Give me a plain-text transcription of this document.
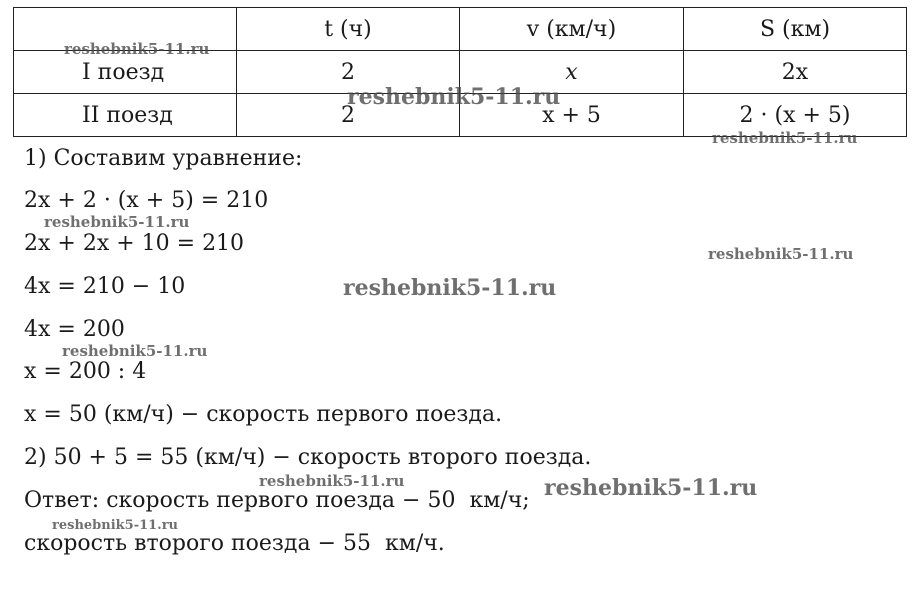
	t (ч)	v (км/ч)	S (км)
I поезд	2	x	2x
II поезд	2	x + 5	2 · (x + 5)
1) Составим уравнение:
2x + 2 · (x + 5) = 210
2x + 2x + 10 = 210
4x = 210 − 10
4x = 200
x = 200 : 4
x = 50 (км/ч) − скорость первого поезда.
2) 50 + 5 = 55 (км/ч) − скорость второго поезда.
Ответ: скорость первого поезда − 50  км/ч;
скорость второго поезда − 55  км/ч.
reshebnik5-11.ru
reshebnik5-11.ru
reshebnik5-11.ru
reshebnik5-11.ru
reshebnik5-11.ru
reshebnik5-11.ru
reshebnik5-11.ru
reshebnik5-11.ru	reshebnik5-11.ru
reshebnik5-11.ru
